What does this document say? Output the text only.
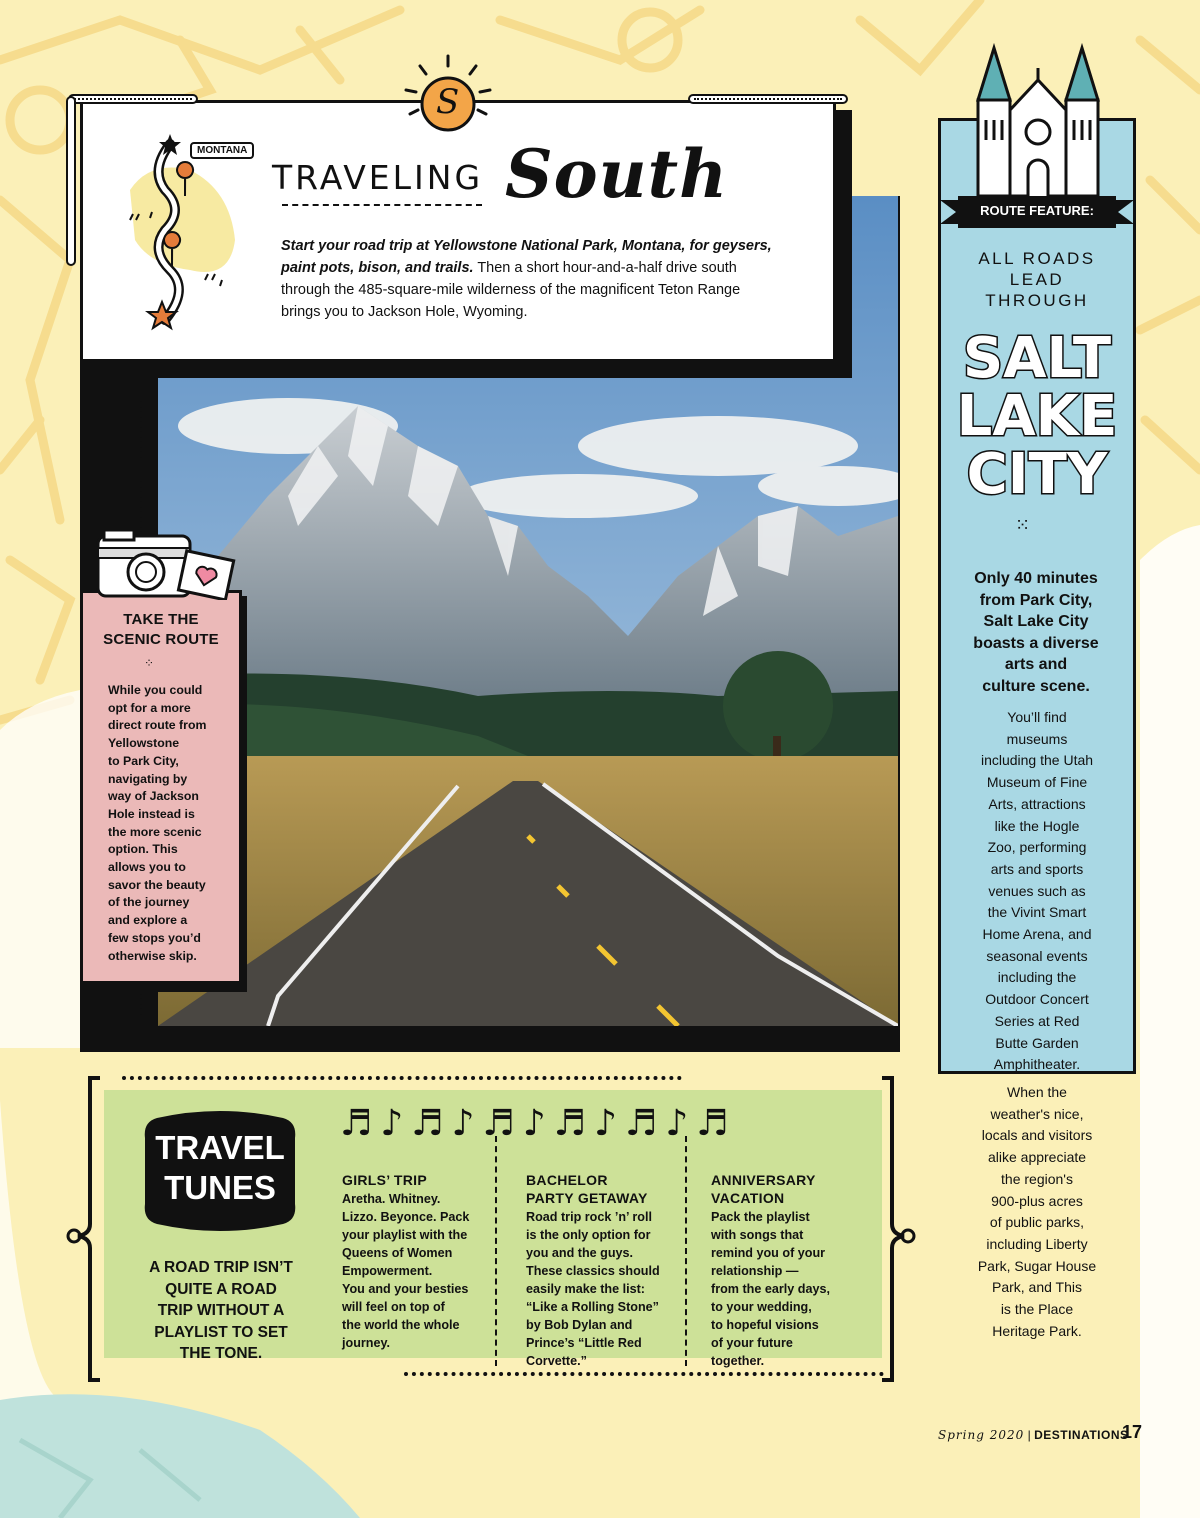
S
MONTANA
TRAVELING South
Start your road trip at Yellowstone National Park, Montana, for geysers, paint pots, bison, and trails. Then a short hour-and-a-half drive south through the 485-square-mile wilderness of the magnificent Teton Range brings you to Jackson Hole, Wyoming.
TAKE THE
SCENIC ROUTE
⁘
While you could
opt for a more
direct route from
Yellowstone
to Park City,
navigating by
way of Jackson
Hole instead is
the more scenic
option. This
allows you to
savor the beauty
of the journey
and explore a
few stops you’d
otherwise skip.
ROUTE FEATURE:
ALL ROADS
LEAD
THROUGH
SALT
LAKE
CITY
⁙
Only 40 minutes
from Park City,
Salt Lake City
boasts a diverse
arts and
culture scene.
You’ll find
museums
including the Utah
Museum of Fine
Arts, attractions
like the Hogle
Zoo, performing
arts and sports
venues such as
the Vivint Smart
Home Arena, and
seasonal events
including the
Outdoor Concert
Series at Red
Butte Garden
Amphitheater.
When the
weather's nice,
locals and visitors
alike appreciate
the region's
900-plus acres
of public parks,
including Liberty
Park, Sugar House
Park, and This
is the Place
Heritage Park.
TRAVEL
TUNES
A ROAD TRIP ISN’T
QUITE A ROAD
TRIP WITHOUT A
PLAYLIST TO SET
THE TONE.
♬♪♬♪♬♪♬♪♬♪♬
GIRLS’ TRIP
Aretha. Whitney.
Lizzo. Beyonce. Pack
your playlist with the
Queens of Women
Empowerment.
You and your besties
will feel on top of
the world the whole
journey.
BACHELOR
PARTY GETAWAY
Road trip rock ’n’ roll
is the only option for
you and the guys.
These classics should
easily make the list:
“Like a Rolling Stone”
by Bob Dylan and
Prince’s “Little Red
Corvette.”
ANNIVERSARY
VACATION
Pack the playlist
with songs that
remind you of your
relationship —
from the early days,
to your wedding,
to hopeful visions
of your future
together.
Spring 2020 | DESTINATIONS
17
